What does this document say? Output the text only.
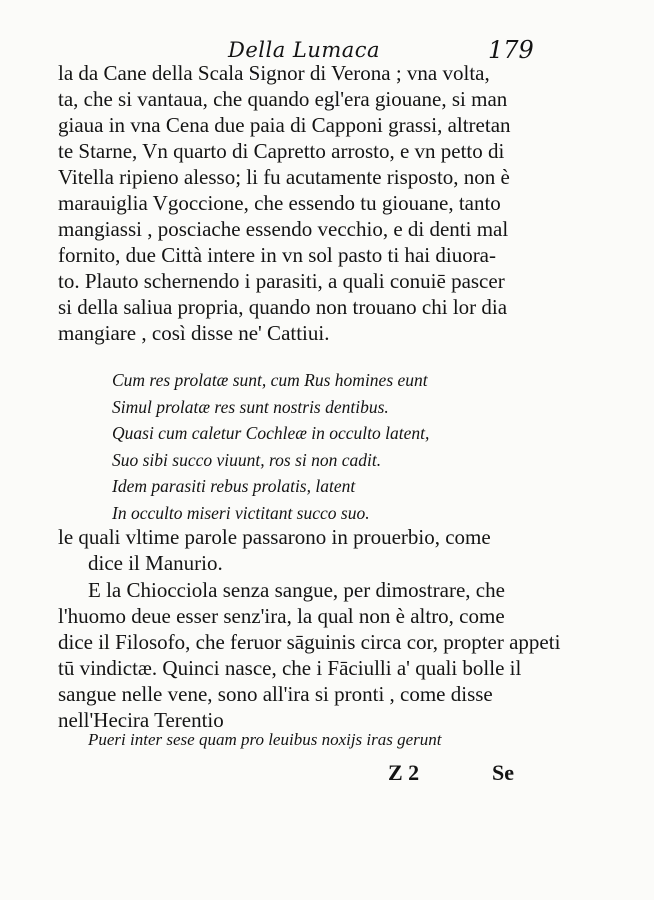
Della Lumaca	179
la da Cane della Scala Signor di Verona ; vna volta,
ta, che si vantaua, che quando egl'era giouane, si man
giaua in vna Cena due paia di Capponi grassi, altretan
te Starne, Vn quarto di Capretto arrosto, e vn petto di
Vitella ripieno alesso; li fu acutamente risposto, non è
marauiglia Vgoccione, che essendo tu giouane, tanto
mangiassi , posciache essendo vecchio, e di denti mal
fornito, due Città intere in vn sol pasto ti hai diuora-
to. Plauto schernendo i parasiti, a quali conuiē pascer
si della saliua propria, quando non trouano chi lor dia
mangiare , così disse ne' Cattiui.
Cum res prolatæ sunt, cum Rus homines eunt
Simul prolatæ res sunt nostris dentibus.
Quasi cum caletur Cochleæ in occulto latent,
Suo sibi succo viuunt, ros si non cadit.
Idem parasiti rebus prolatis, latent
In occulto miseri victitant succo suo.
le quali vltime parole passarono in prouerbio, come
dice il Manurio.
E la Chiocciola senza sangue, per dimostrare, che
l'huomo deue esser senz'ira, la qual non è altro, come
dice il Filosofo, che feruor sāguinis circa cor, propter appeti
tū vindictæ. Quinci nasce, che i Fāciulli a' quali bolle il
sangue nelle vene, sono all'ira si pronti , come disse
nell'Hecira Terentio
Pueri inter sese quam pro leuibus noxijs iras gerunt
Z 2	Se
